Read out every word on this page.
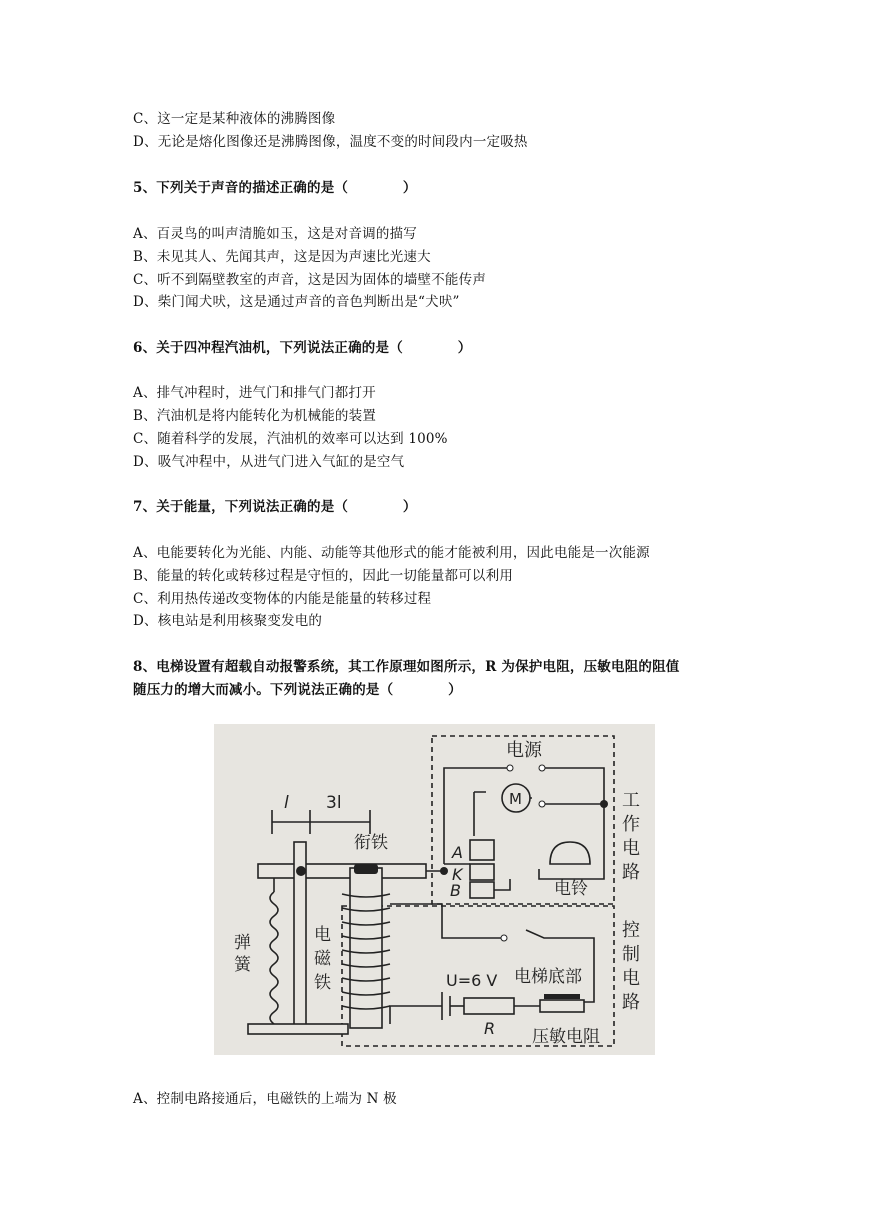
C、这一定是某种液体的沸腾图像
D、无论是熔化图像还是沸腾图像，温度不变的时间段内一定吸热
5、下列关于声音的描述正确的是（　　　　）
A、百灵鸟的叫声清脆如玉，这是对音调的描写
B、未见其人、先闻其声，这是因为声速比光速大
C、听不到隔壁教室的声音，这是因为固体的墙壁不能传声
D、柴门闻犬吠，这是通过声音的音色判断出是“犬吠”
6、关于四冲程汽油机，下列说法正确的是（　　　　）
A、排气冲程时，进气门和排气门都打开
B、汽油机是将内能转化为机械能的装置
C、随着科学的发展，汽油机的效率可以达到 100%
D、吸气冲程中，从进气门进入气缸的是空气
7、关于能量，下列说法正确的是（　　　　）
A、电能要转化为光能、内能、动能等其他形式的能才能被利用，因此电能是一次能源
B、能量的转化或转移过程是守恒的，因此一切能量都可以利用
C、利用热传递改变物体的内能是能量的转移过程
D、核电站是利用核聚变发电的
8、电梯设置有超载自动报警系统，其工作原理如图所示，R 为保护电阻，压敏电阻的阻值
随压力的增大而减小。下列说法正确的是（　　　　）
A、控制电路接通后，电磁铁的上端为 N 极
电源
M	工
作
电
路
控
制
电
路
衔铁
l 3l
A
K
B	电铃
弹
簧
电
磁
铁	U=6 V 电梯底部
R 压敏电阻
